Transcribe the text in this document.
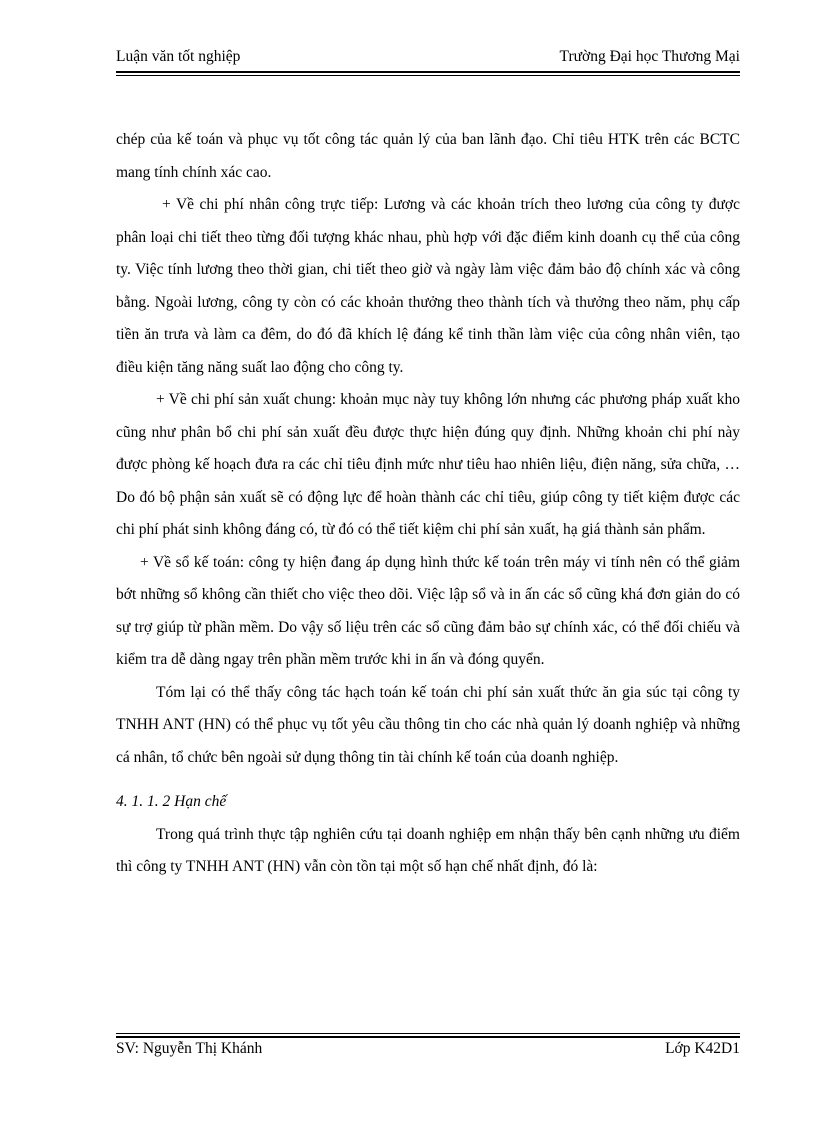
Luận văn tốt nghiệp	Trường Đại học Thương Mại

chép của kế toán và phục vụ tốt công tác quản lý của ban lãnh đạo. Chỉ tiêu HTK trên các BCTC mang tính chính xác cao.

+ Về chi phí nhân công trực tiếp: Lương và các khoản trích theo lương của công ty được phân loại chi tiết theo từng đối tượng khác nhau, phù hợp với đặc điểm kinh doanh cụ thể của công ty. Việc tính lương theo thời gian, chi tiết theo giờ và ngày làm việc đảm bảo độ chính xác và công bằng. Ngoài lương, công ty còn có các khoản thưởng theo thành tích và thưởng theo năm, phụ cấp tiền ăn trưa và làm ca đêm, do đó đã khích lệ đáng kể tinh thần làm việc của công nhân viên, tạo điều kiện tăng năng suất lao động cho công ty.

+ Về chi phí sản xuất chung: khoản mục này tuy không lớn nhưng các phương pháp xuất kho cũng như phân bổ chi phí sản xuất đều được thực hiện đúng quy định. Những khoản chi phí này được phòng kế hoạch đưa ra các chỉ tiêu định mức như tiêu hao nhiên liệu, điện năng, sửa chữa, …Do đó bộ phận sản xuất sẽ có động lực để hoàn thành các chỉ tiêu, giúp công ty tiết kiệm được các chi phí phát sinh không đáng có, từ đó có thể tiết kiệm chi phí sản xuất, hạ giá thành sản phẩm.

+ Về sổ kế toán: công ty hiện đang áp dụng hình thức kế toán trên máy vi tính nên có thể giảm bớt những sổ không cần thiết cho việc theo dõi. Việc lập sổ và in ấn các sổ cũng khá đơn giản do có sự trợ giúp từ phần mềm. Do vậy số liệu trên các sổ cũng đảm bảo sự chính xác, có thể đối chiếu và kiểm tra dễ dàng ngay trên phần mềm trước khi in ấn và đóng quyển.

Tóm lại có thể thấy công tác hạch toán kế toán chi phí sản xuất thức ăn gia súc tại công ty TNHH ANT (HN) có thể phục vụ tốt yêu cầu thông tin cho các nhà quản lý doanh nghiệp và những cá nhân, tổ chức bên ngoài sử dụng thông tin tài chính kế toán của doanh nghiệp.

4. 1. 1. 2 Hạn chế

Trong quá trình thực tập nghiên cứu tại doanh nghiệp em nhận thấy bên cạnh những ưu điểm thì công ty TNHH ANT (HN) vẫn còn tồn tại một số hạn chế nhất định, đó là:

SV: Nguyễn Thị Khánh	Lớp K42D1
